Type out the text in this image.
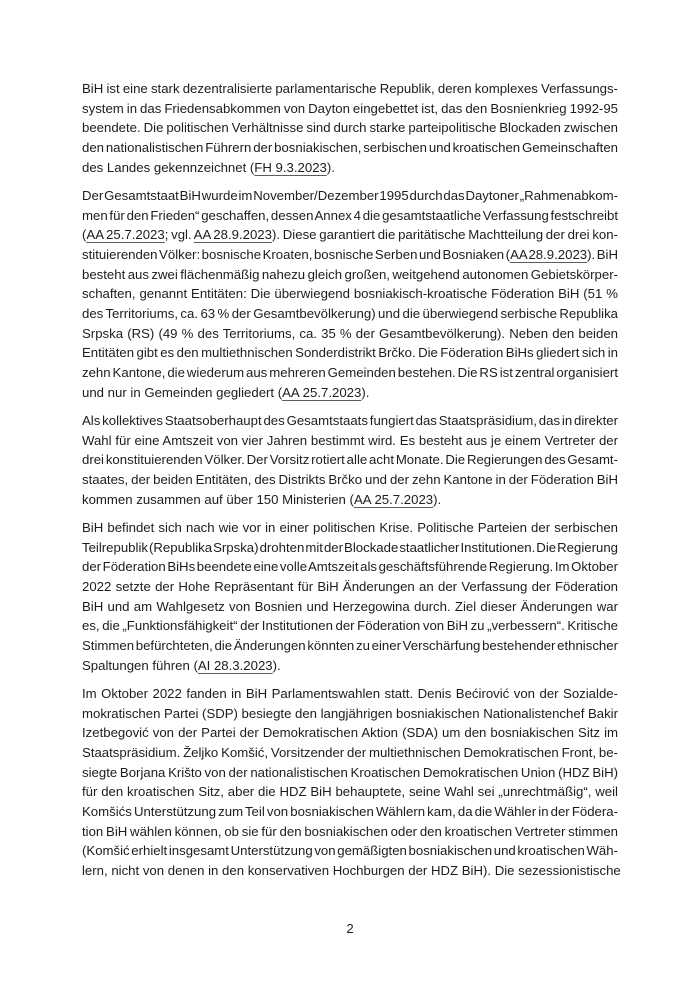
BiH ist eine stark dezentralisierte parlamentarische Republik, deren komplexes Verfassungs-
system in das Friedensabkommen von Dayton eingebettet ist, das den Bosnienkrieg 1992-95
beendete. Die politischen Verhältnisse sind durch starke parteipolitische Blockaden zwischen
den nationalistischen Führern der bosniakischen, serbischen und kroatischen Gemeinschaften
des Landes gekennzeichnet (FH 9.3.2023).
Der Gesamtstaat BiH wurde im November/Dezember 1995 durch das Daytoner „Rahmenabkom-
men für den Frieden“ geschaffen, dessen Annex 4 die gesamtstaatliche Verfassung festschreibt
(AA 25.7.2023; vgl. AA 28.9.2023). Diese garantiert die paritätische Machtteilung der drei kon-
stituierenden Völker: bosnische Kroaten, bosnische Serben und Bosniaken (AA 28.9.2023). BiH
besteht aus zwei flächenmäßig nahezu gleich großen, weitgehend autonomen Gebietskörper-
schaften, genannt Entitäten: Die überwiegend bosniakisch-kroatische Föderation BiH (51 %
des Territoriums, ca. 63 % der Gesamtbevölkerung) und die überwiegend serbische Republika
Srpska (RS) (49 % des Territoriums, ca. 35 % der Gesamtbevölkerung). Neben den beiden
Entitäten gibt es den multiethnischen Sonderdistrikt Brčko. Die Föderation BiHs gliedert sich in
zehn Kantone, die wiederum aus mehreren Gemeinden bestehen. Die RS ist zentral organisiert
und nur in Gemeinden gegliedert (AA 25.7.2023).
Als kollektives Staatsoberhaupt des Gesamtstaats fungiert das Staatspräsidium, das in direkter
Wahl für eine Amtszeit von vier Jahren bestimmt wird. Es besteht aus je einem Vertreter der
drei konstituierenden Völker. Der Vorsitz rotiert alle acht Monate. Die Regierungen des Gesamt-
staates, der beiden Entitäten, des Distrikts Brčko und der zehn Kantone in der Föderation BiH
kommen zusammen auf über 150 Ministerien (AA 25.7.2023).
BiH befindet sich nach wie vor in einer politischen Krise. Politische Parteien der serbischen
Teilrepublik (Republika Srpska) drohten mit der Blockade staatlicher Institutionen. Die Regierung
der Föderation BiHs beendete eine volle Amtszeit als geschäftsführende Regierung. Im Oktober
2022 setzte der Hohe Repräsentant für BiH Änderungen an der Verfassung der Föderation
BiH und am Wahlgesetz von Bosnien und Herzegowina durch. Ziel dieser Änderungen war
es, die „Funktionsfähigkeit“ der Institutionen der Föderation von BiH zu „verbessern“. Kritische
Stimmen befürchteten, die Änderungen könnten zu einer Verschärfung bestehender ethnischer
Spaltungen führen (AI 28.3.2023).
Im Oktober 2022 fanden in BiH Parlamentswahlen statt. Denis Bećirović von der Sozialde-
mokratischen Partei (SDP) besiegte den langjährigen bosniakischen Nationalistenchef Bakir
Izetbegović von der Partei der Demokratischen Aktion (SDA) um den bosniakischen Sitz im
Staatspräsidium. Željko Komšić, Vorsitzender der multiethnischen Demokratischen Front, be-
siegte Borjana Krišto von der nationalistischen Kroatischen Demokratischen Union (HDZ BiH)
für den kroatischen Sitz, aber die HDZ BiH behauptete, seine Wahl sei „unrechtmäßig“, weil
Komšićs Unterstützung zum Teil von bosniakischen Wählern kam, da die Wähler in der Födera-
tion BiH wählen können, ob sie für den bosniakischen oder den kroatischen Vertreter stimmen
(Komšić erhielt insgesamt Unterstützung von gemäßigten bosniakischen und kroatischen Wäh-
lern, nicht von denen in den konservativen Hochburgen der HDZ BiH). Die sezessionistische
2
